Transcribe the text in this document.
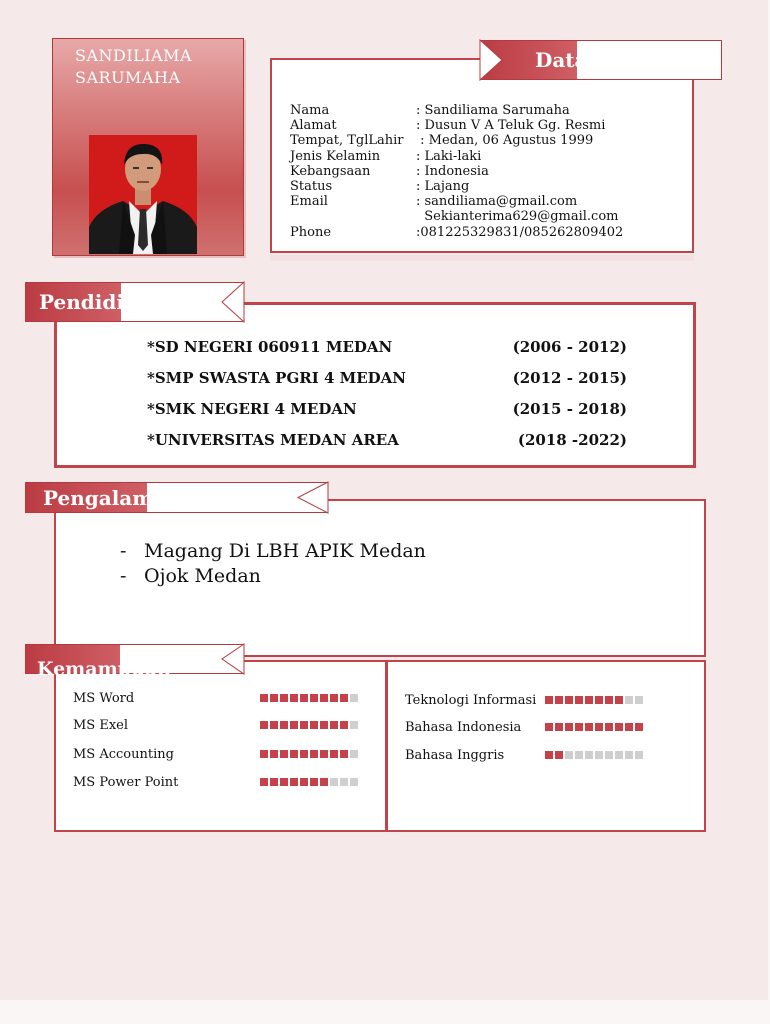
SANDILIAMA
SARUMAHA
Nama	: Sandiliama Sarumaha
Alamat	: Dusun V A Teluk Gg. Resmi
Tempat, TglLahir : Medan, 06 Agustus 1999
Jenis Kelamin	: Laki-laki
Kebangsaan	: Indonesia
Status	: Lajang
Email	: sandiliama@gmail.com
Sekianterima629@gmail.com
Phone	:081225329831/085262809402
Data
*SD NEGERI 060911 MEDAN	(2006 - 2012)
*SMP SWASTA PGRI 4 MEDAN	(2012 - 2015)
*SMK NEGERI 4 MEDAN	(2015 - 2018)
*UNIVERSITAS MEDAN AREA	(2018 -2022)
Pendidikan
- Magang Di LBH APIK Medan
- Ojok Medan
Pengalaman
MS Word
MS Exel
MS Accounting
MS Power Point
Teknologi Informasi
Bahasa Indonesia
Bahasa Inggris
Kemampuan
